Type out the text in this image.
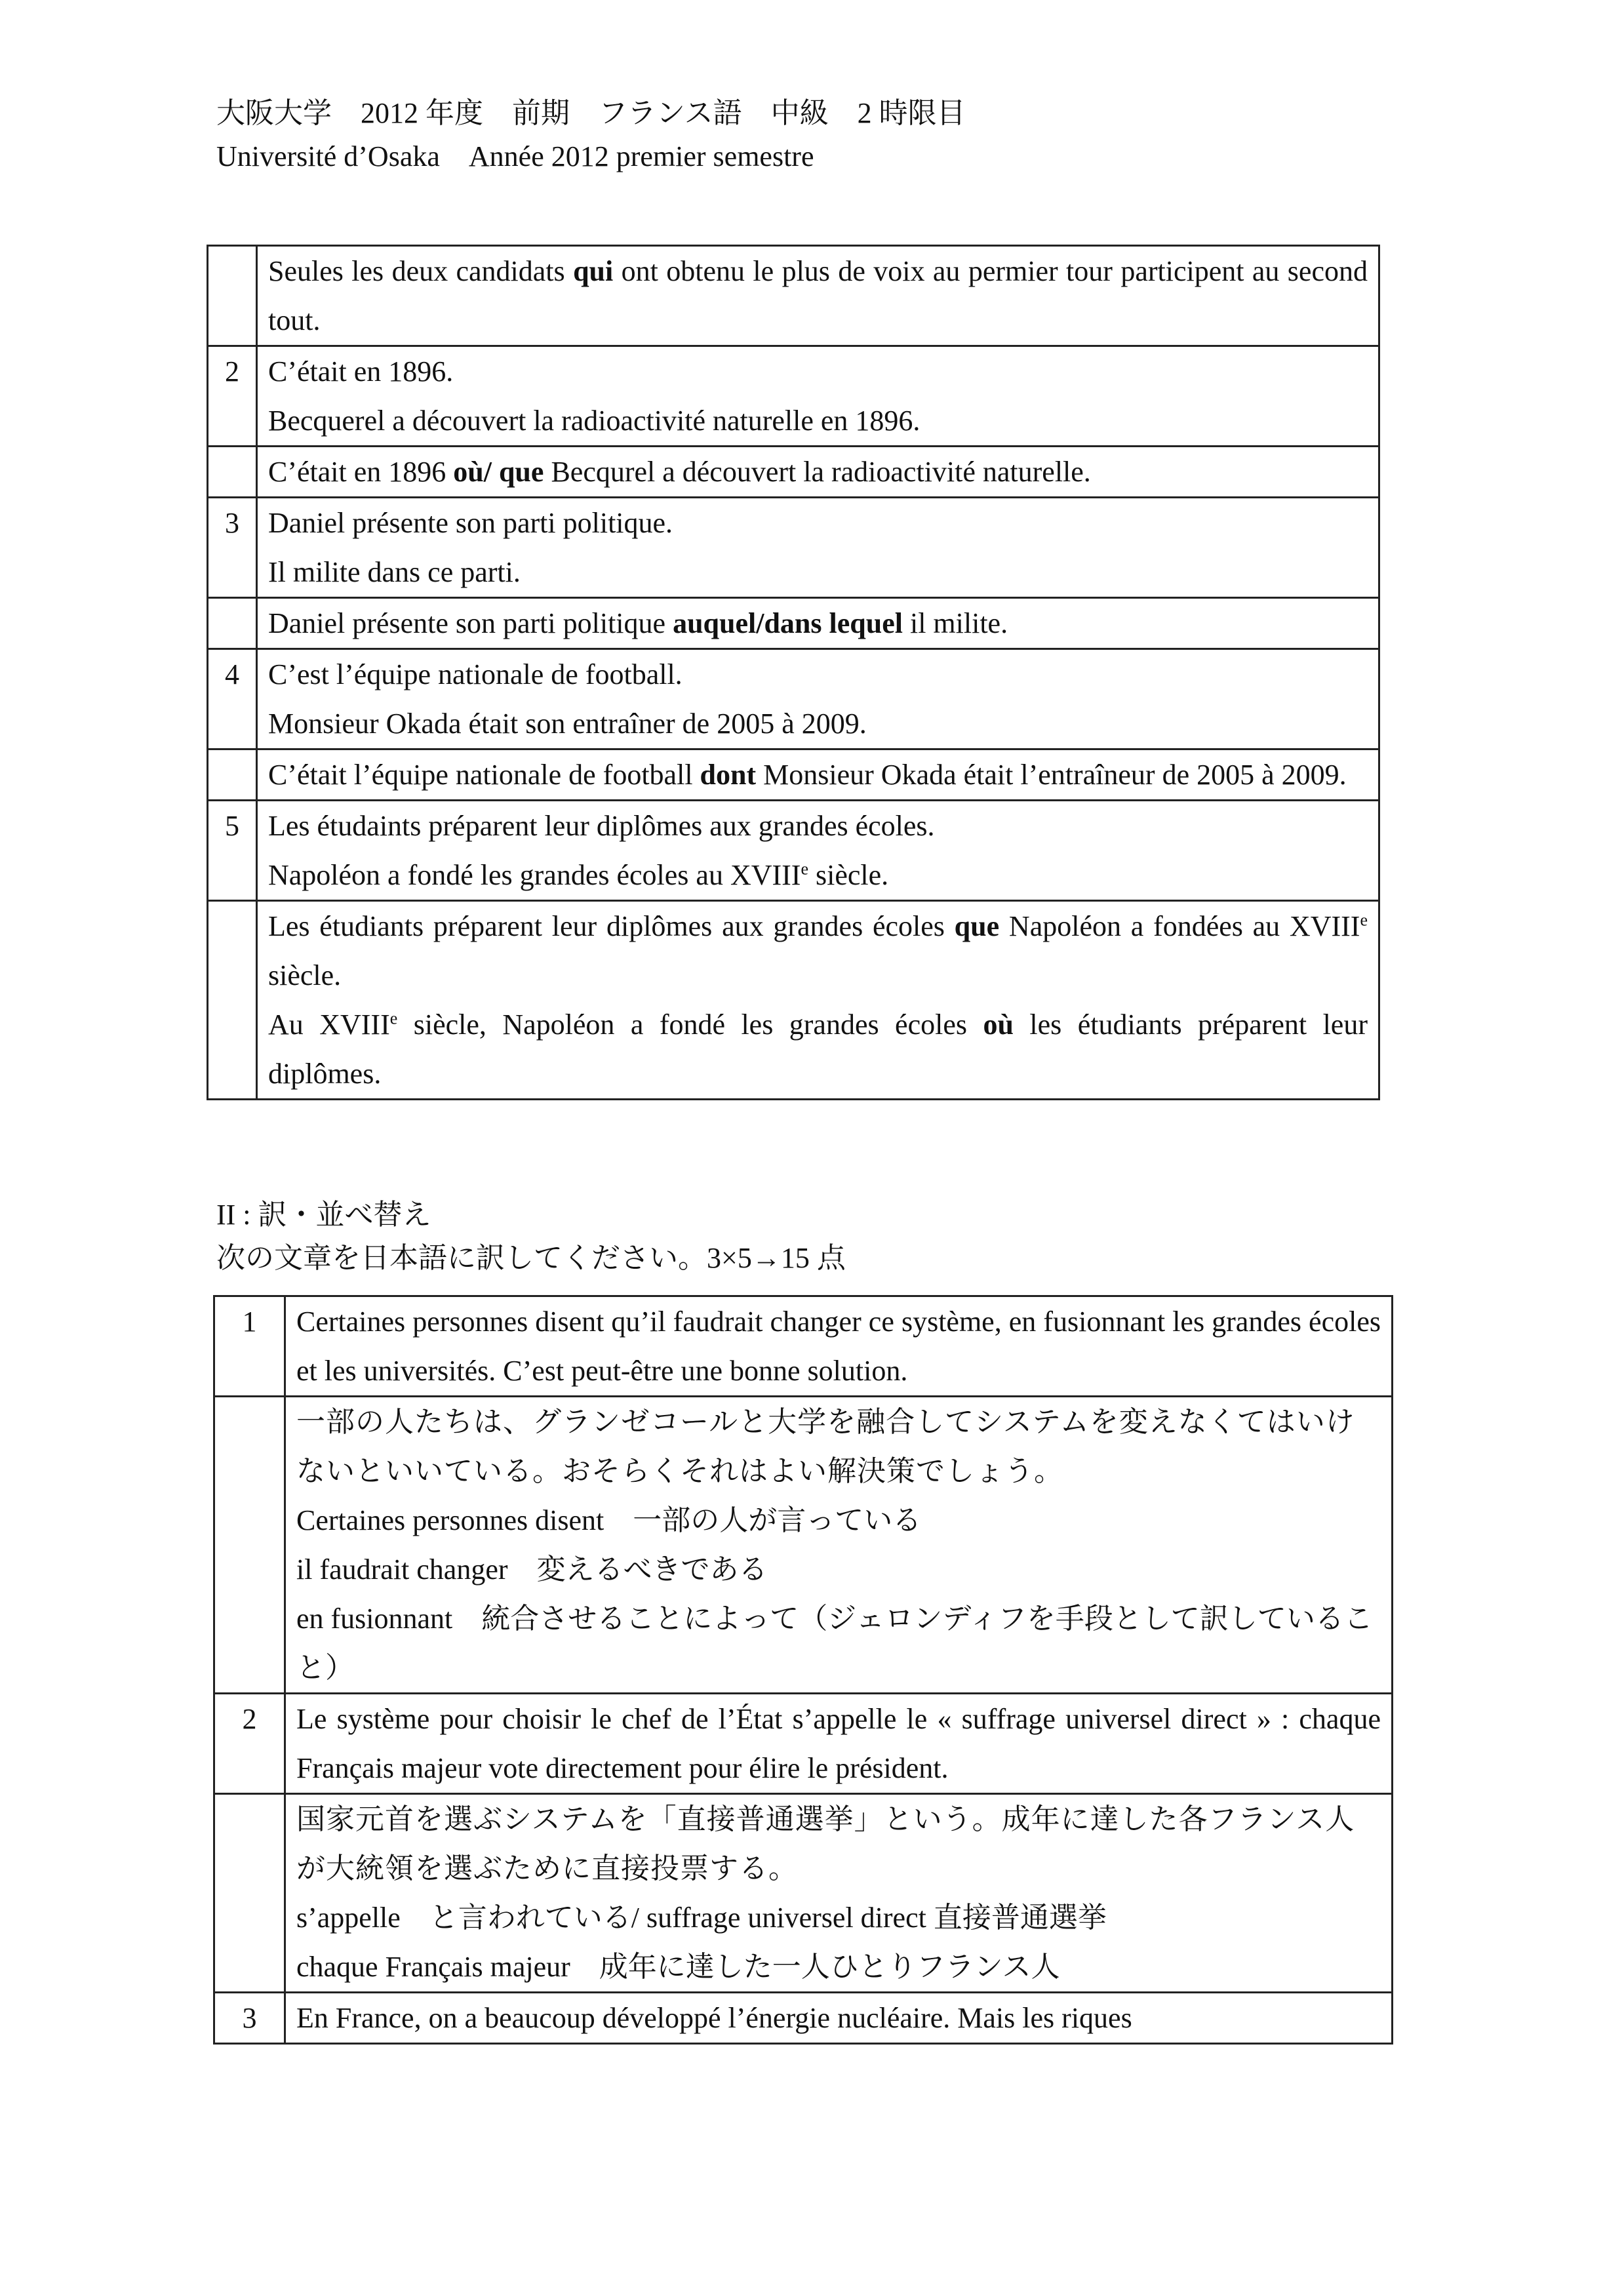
大阪大学　2012 年度　前期　フランス語　中級　2 時限目
Université d’Osaka　Année 2012 premier semestre

	Seules les deux candidats qui ont obtenu le plus de voix au permier tour participent au second tout.

2	C’était en 1896.
Becquerel a découvert la radioactivité naturelle en 1896.

	C’était en 1896 où/ que Becqurel a découvert la radioactivité naturelle.

3	Daniel présente son parti politique.
Il milite dans ce parti.

	Daniel présente son parti politique auquel/dans lequel il milite.

4	C’est l’équipe nationale de football.
Monsieur Okada était son entraîner de 2005 à 2009.

	C’était l’équipe nationale de football dont Monsieur Okada était l’entraîneur de 2005 à 2009.

5	Les étudaints préparent leur diplômes aux grandes écoles.
Napoléon a fondé les grandes écoles au XVIIIe siècle.

	Les étudiants préparent leur diplômes aux grandes écoles que Napoléon a fondées au XVIIIe siècle.
Au XVIIIe siècle, Napoléon a fondé les grandes écoles où les étudiants préparent leur diplômes.
II : 訳・並べ替え
次の文章を日本語に訳してください。3×5→15 点
1	Certaines personnes disent qu’il faudrait changer ce système, en fusionnant les grandes écoles et les universités. C’est peut-être une bonne solution.

	一部の人たちは、グランゼコールと大学を融合してシステムを変えなくてはいけないといいている。おそらくそれはよい解決策でしょう。
Certaines personnes disent　一部の人が言っている
il faudrait changer　変えるべきである
en fusionnant　統合させることによって（ジェロンディフを手段として訳していること）

2	Le système pour choisir le chef de l’État s’appelle le « suffrage universel direct » : chaque Français majeur vote directement pour élire le président.

	国家元首を選ぶシステムを「直接普通選挙」という。成年に達した各フランス人が大統領を選ぶために直接投票する。
s’appelle　と言われている/ suffrage universel direct 直接普通選挙
chaque Français majeur　成年に達した一人ひとりフランス人

3	En France, on a beaucoup développé l’énergie nucléaire. Mais les riques
